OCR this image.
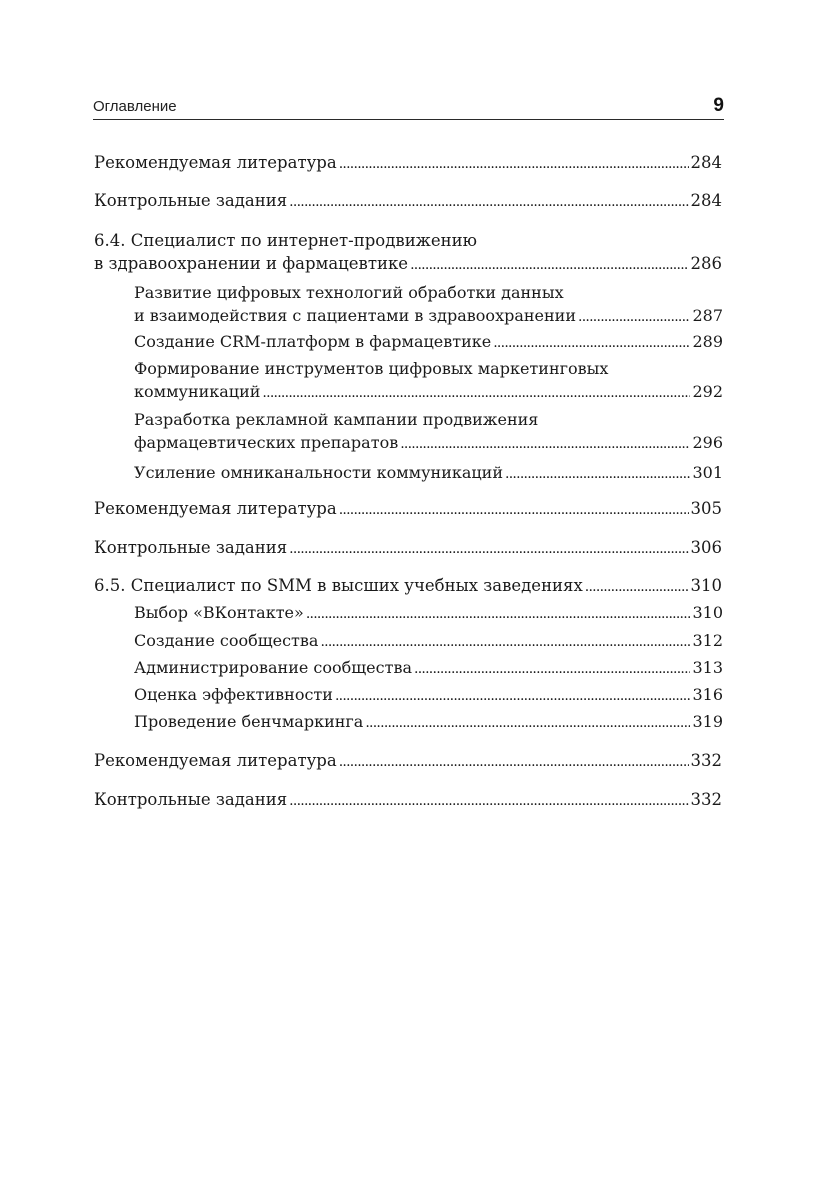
Оглавление	9
Рекомендуемая литература . . .	284
Контрольные задания . . .	284
6.4. Специалист по интернет-продвижению
в здравоохранении и фармацевтике . . .	286
Развитие цифровых технологий обработки данных
и взаимодействия с пациентами в здравоохранении . . .	287
Создание CRM-платформ в фармацевтике . . .	289
Формирование инструментов цифровых маркетинговых
коммуникаций . . .	292
Разработка рекламной кампании продвижения
фармацевтических препаратов . . .	296
Усиление омниканальности коммуникаций . . .	301
Рекомендуемая литература . . .	305
Контрольные задания . . .	306
6.5. Специалист по SMM в высших учебных заведениях . . .	310
Выбор «ВКонтакте» . . .	310
Создание сообщества . . .	312
Администрирование сообщества . . .	313
Оценка эффективности . . .	316
Проведение бенчмаркинга . . .	319
Рекомендуемая литература . . .	332
Контрольные задания . . .	332
